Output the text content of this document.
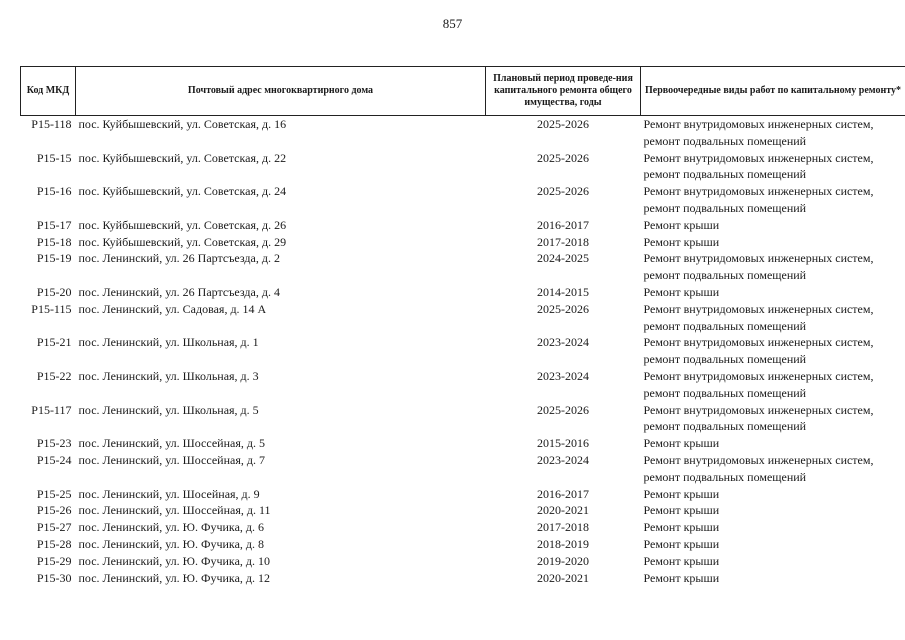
857
Код МКД	Почтовый адрес многоквартирного дома	Плановый период проведе-ния капитального ремонта общего имущества, годы	Первоочередные виды работ по капитальному ремонту*
P15-118	пос. Куйбышевский, ул. Советская, д. 16	2025-2026	Ремонт внутридомовых инженерных систем,
ремонт подвальных помещений

P15-15	пос. Куйбышевский, ул. Советская, д. 22	2025-2026	Ремонт внутридомовых инженерных систем,
ремонт подвальных помещений

P15-16	пос. Куйбышевский, ул. Советская, д. 24	2025-2026	Ремонт внутридомовых инженерных систем,
ремонт подвальных помещений

P15-17	пос. Куйбышевский, ул. Советская, д. 26	2016-2017	Ремонт крыши

P15-18	пос. Куйбышевский, ул. Советская, д. 29	2017-2018	Ремонт крыши

P15-19	пос. Ленинский, ул. 26 Партсъезда, д. 2	2024-2025	Ремонт внутридомовых инженерных систем,
ремонт подвальных помещений

P15-20	пос. Ленинский, ул. 26 Партсъезда, д. 4	2014-2015	Ремонт крыши

P15-115	пос. Ленинский, ул. Садовая, д. 14 А	2025-2026	Ремонт внутридомовых инженерных систем,
ремонт подвальных помещений

P15-21	пос. Ленинский, ул. Школьная, д. 1	2023-2024	Ремонт внутридомовых инженерных систем,
ремонт подвальных помещений

P15-22	пос. Ленинский, ул. Школьная, д. 3	2023-2024	Ремонт внутридомовых инженерных систем,
ремонт подвальных помещений

P15-117	пос. Ленинский, ул. Школьная, д. 5	2025-2026	Ремонт внутридомовых инженерных систем,
ремонт подвальных помещений

P15-23	пос. Ленинский, ул. Шоссейная, д. 5	2015-2016	Ремонт крыши

P15-24	пос. Ленинский, ул. Шоссейная, д. 7	2023-2024	Ремонт внутридомовых инженерных систем,
ремонт подвальных помещений

P15-25	пос. Ленинский, ул. Шосейная, д. 9	2016-2017	Ремонт крыши

P15-26	пос. Ленинский, ул. Шоссейная, д. 11	2020-2021	Ремонт крыши

P15-27	пос. Ленинский, ул. Ю. Фучика, д. 6	2017-2018	Ремонт крыши

P15-28	пос. Ленинский, ул. Ю. Фучика, д. 8	2018-2019	Ремонт крыши

P15-29	пос. Ленинский, ул. Ю. Фучика, д. 10	2019-2020	Ремонт крыши

P15-30	пос. Ленинский, ул. Ю. Фучика, д. 12	2020-2021	Ремонт крыши
